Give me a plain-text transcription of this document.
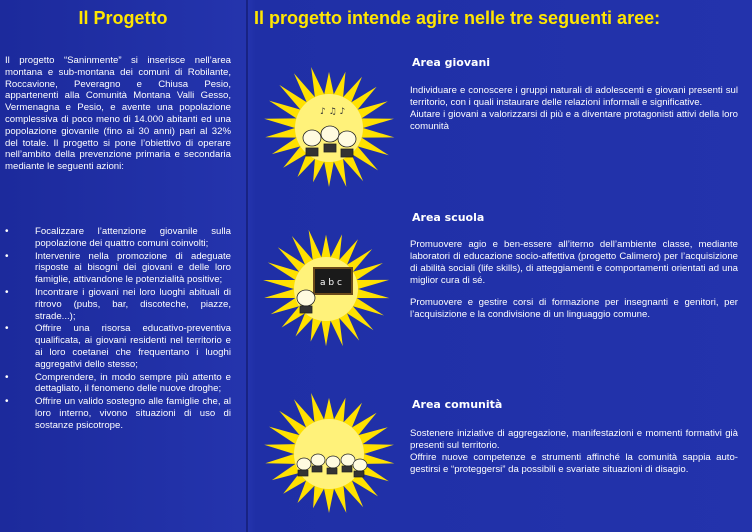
Il Progetto

Il progetto “Saninmente” si inserisce nell’area montana e sub-montana dei comuni di Robilante, Roccavione, Peveragno e Chiusa Pesio, appartenenti alla Comunità Montana Valli Gesso, Vermenagna e Pesio, e avente una popolazione complessiva di poco meno di 14.000 abitanti ed una popolazione giovanile (fino ai 30 anni) pari al 32% del totale. Il progetto si pone l’obiettivo di operare nell’ambito della prevenzione primaria e secondaria mediante le seguenti azioni:

•	Focalizzare l’attenzione giovanile sulla popolazione dei quattro comuni coinvolti;
•	Intervenire nella promozione di adeguate risposte ai bisogni dei giovani e delle loro famiglie, attivandone le potenzialità positive;
•	Incontrare i giovani nei loro luoghi abituali di ritrovo (pubs, bar, discoteche, piazze, strade...);
•	Offrire una risorsa educativo-preventiva qualificata, ai giovani residenti nel territorio e ai loro coetanei che frequentano i luoghi aggregativi dello stesso;
•	Comprendere, in modo sempre più attento e dettagliato, il fenomeno delle nuove droghe;
•	Offrire un valido sostegno alle famiglie che, al loro interno, vivono situazioni di uso di sostanze psicotrope.
Il progetto intende agire nelle tre seguenti aree:
♪ ♫ ♪
a b c
Area giovani

Individuare e conoscere i gruppi naturali di adolescenti e giovani presenti sul territorio, con i quali instaurare delle relazioni informali e significative.

Aiutare i giovani a valorizzarsi di più e a diventare protagonisti attivi della loro comunità

Area scuola

Promuovere agio e ben-essere all’iterno dell’ambiente classe, mediante laboratori di educazione socio-affettiva (progetto Calimero) per l’acquisizione di abilità sociali (life skills), di atteggiamenti e comportamenti orientati ad una miglior cura di sé.

Promuovere e gestire corsi di formazione per insegnanti e genitori, per l’acquisizione e la condivisione di un linguaggio comune.

Area comunità

Sostenere iniziative di aggregazione, manifestazioni e momenti formativi già presenti sul territorio.

Offrire nuove competenze e strumenti affinché la comunità sappia auto-gestirsi e “proteggersi” da possibili e svariate situazioni di disagio.
